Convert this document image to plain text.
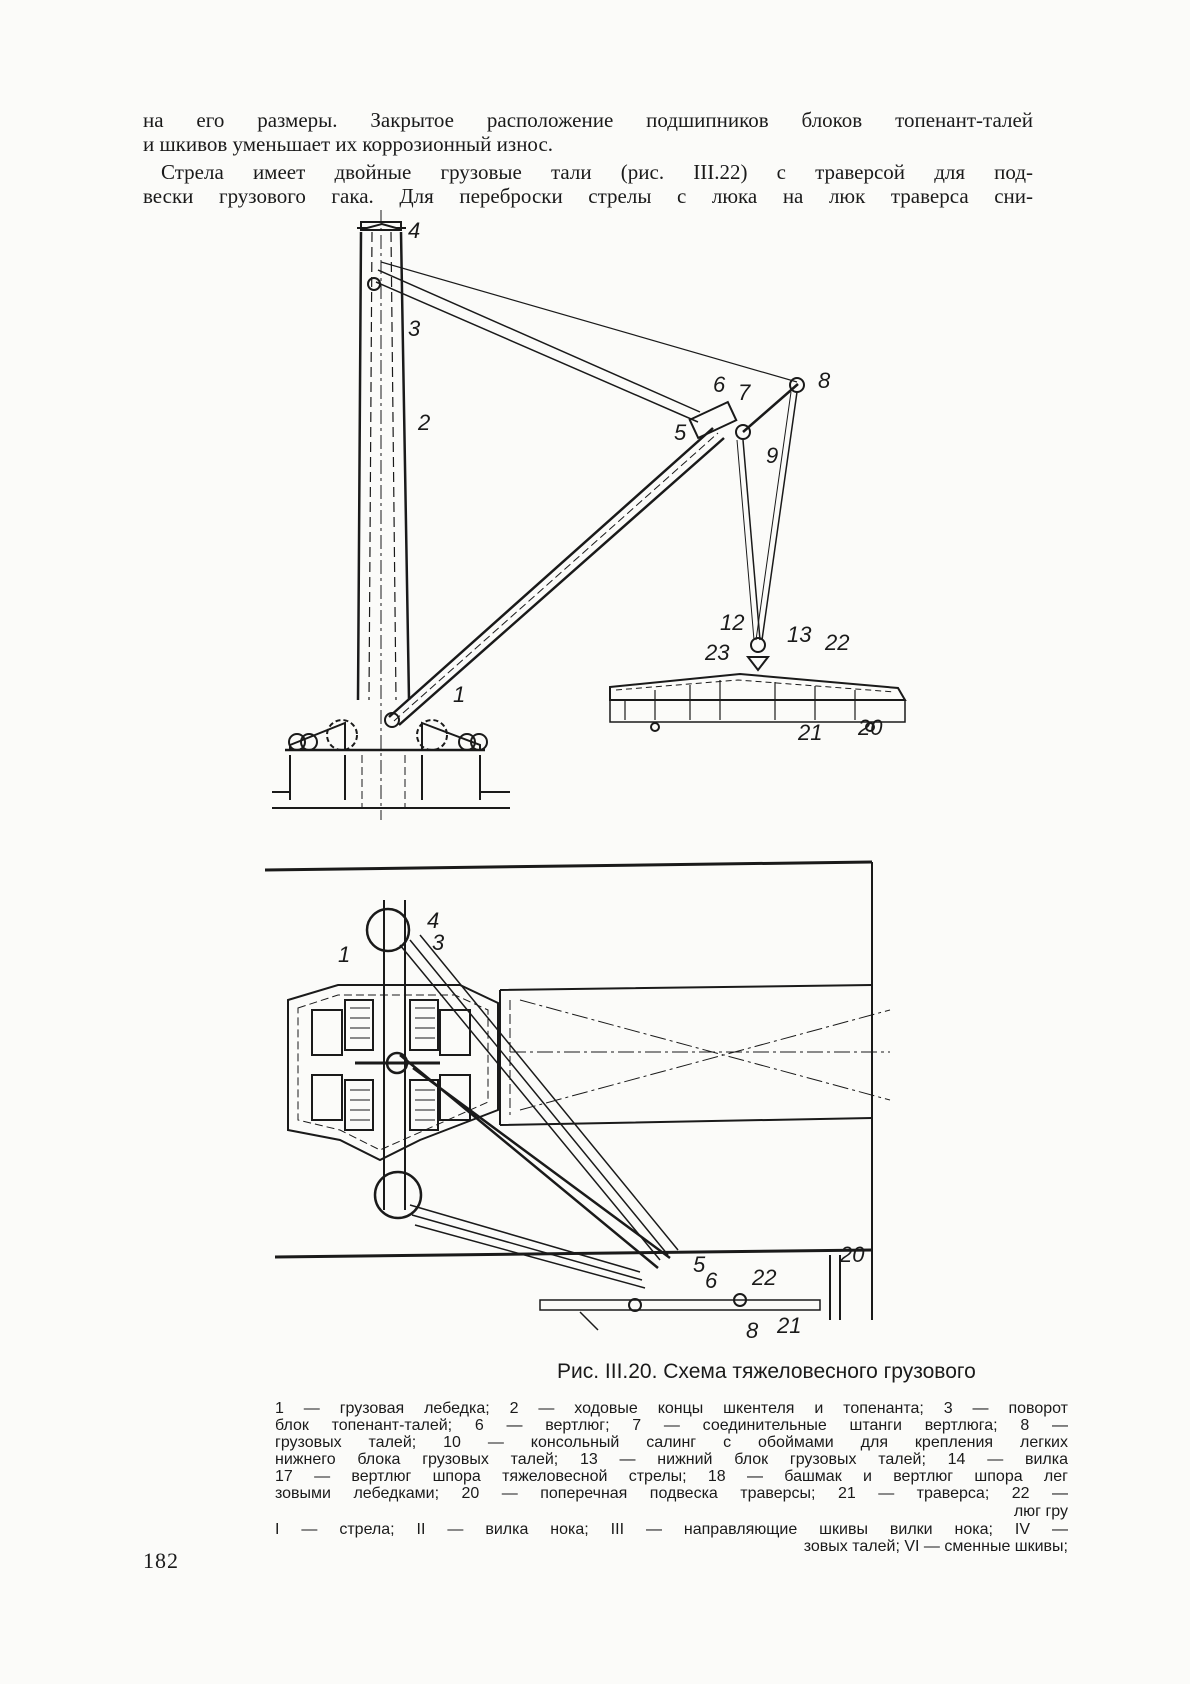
на его размеры. Закрытое расположение подшипников блоков топенант-талей

и шкивов уменьшает их коррозионный износ.

Стрела имеет двойные грузовые тали (рис. III.22) с траверсой для под-

вески грузового гака. Для переброски стрелы с люка на люк траверса сни-

4
3
2
6 7	8
5
9
12 13 22
23
1
21 20
4
3
1
5
6 22
20
8 21
Рис. III.20. Схема тяжеловесного грузового

1 — грузовая лебедка; 2 — ходовые концы шкентеля и топенанта; 3 — поворот

блок топенант-талей; 6 — вертлюг; 7 — соединительные штанги вертлюга; 8 —

грузовых талей; 10 — консольный салинг с обоймами для крепления легких

нижнего блока грузовых талей; 13 — нижний блок грузовых талей; 14 — вилка

17 — вертлюг шпора тяжеловесной стрелы; 18 — башмак и вертлюг шпора лег

зовыми лебедками; 20 — поперечная подвеска траверсы; 21 — траверса; 22 —

люг гру

I — стрела; II — вилка нока; III — направляющие шкивы вилки нока; IV —

зовых талей; VI — сменные шкивы;

182
